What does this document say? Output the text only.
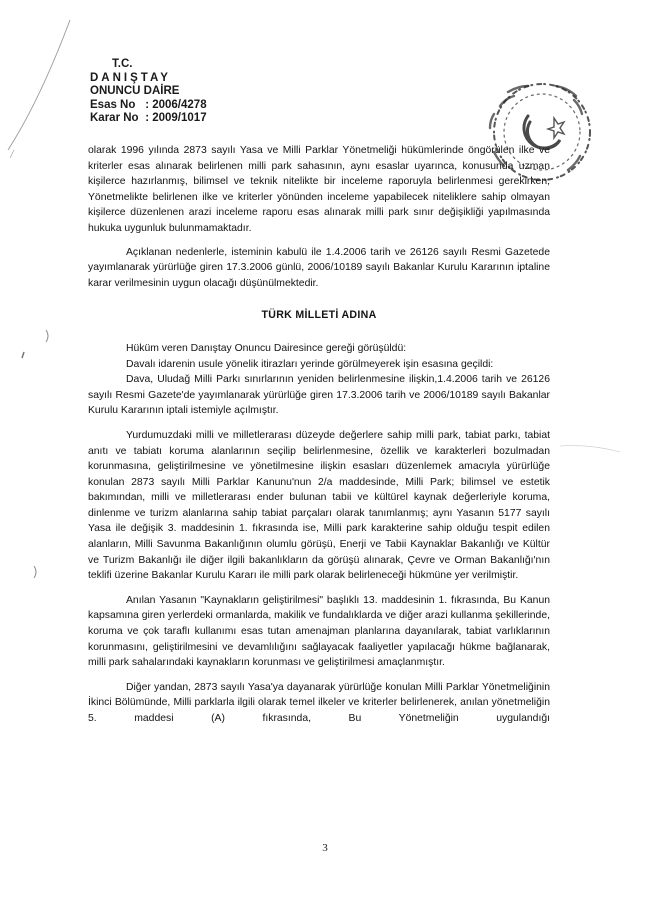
T.C.
DANIŞTAY
ONUNCU DAİRE
Esas No : 2006/4278
Karar No : 2009/1017

olarak 1996 yılında 2873 sayılı Yasa ve Milli Parklar Yönetmeliği hükümlerinde öngörülen ilke ve kriterler esas alınarak belirlenen milli park sahasının, aynı esaslar uyarınca, konusunda uzman kişilerce hazırlanmış, bilimsel ve teknik nitelikte bir inceleme raporuyla belirlenmesi gerekirken; Yönetmelikte belirlenen ilke ve kriterler yönünden inceleme yapabilecek niteliklere sahip olmayan kişilerce düzenlenen arazi inceleme raporu esas alınarak milli park sınır değişikliği yapılmasında hukuka uygunluk bulunmamaktadır.

Açıklanan nedenlerle, isteminin kabulü ile 1.4.2006 tarih ve 26126 sayılı Resmi Gazetede yayımlanarak yürürlüğe giren 17.3.2006 günlü, 2006/10189 sayılı Bakanlar Kurulu Kararının iptaline karar verilmesinin uygun olacağı düşünülmektedir.

TÜRK MİLLETİ ADINA

Hüküm veren Danıştay Onuncu Dairesince gereği görüşüldü:

Davalı idarenin usule yönelik itirazları yerinde görülmeyerek işin esasına geçildi:

Dava, Uludağ Milli Parkı sınırlarının yeniden belirlenmesine ilişkin,1.4.2006 tarih ve 26126 sayılı Resmi Gazete'de yayımlanarak yürürlüğe giren 17.3.2006 tarih ve 2006/10189 sayılı Bakanlar Kurulu Kararının iptali istemiyle açılmıştır.

Yurdumuzdaki milli ve milletlerarası düzeyde değerlere sahip milli park, tabiat parkı, tabiat anıtı ve tabiatı koruma alanlarının seçilip belirlenmesine, özellik ve karakterleri bozulmadan korunmasına, geliştirilmesine ve yönetilmesine ilişkin esasları düzenlemek amacıyla yürürlüğe konulan 2873 sayılı Milli Parklar Kanunu'nun 2/a maddesinde, Milli Park; bilimsel ve estetik bakımından, milli ve milletlerarası ender bulunan tabii ve kültürel kaynak değerleriyle koruma, dinlenme ve turizm alanlarına sahip tabiat parçaları olarak tanımlanmış; aynı Yasanın 5177 sayılı Yasa ile değişik 3. maddesinin 1. fıkrasında ise, Milli park karakterine sahip olduğu tespit edilen alanların, Milli Savunma Bakanlığının olumlu görüşü, Enerji ve Tabii Kaynaklar Bakanlığı ve Kültür ve Turizm Bakanlığı ile diğer ilgili bakanlıkların da görüşü alınarak, Çevre ve Orman Bakanlığı'nın teklifi üzerine Bakanlar Kurulu Kararı ile milli park olarak belirleneceği hükmüne yer verilmiştir.

Anılan Yasanın "Kaynakların geliştirilmesi" başlıklı 13. maddesinin 1. fıkrasında, Bu Kanun kapsamına giren yerlerdeki ormanlarda, makilik ve fundalıklarda ve diğer arazi kullanma şekillerinde, koruma ve çok taraflı kullanımı esas tutan amenajman planlarına dayanılarak, tabiat varlıklarının korunmasını, geliştirilmesini ve devamlılığını sağlayacak faaliyetler yapılacağı hükme bağlanarak, milli park sahalarındaki kaynakların korunması ve geliştirilmesi amaçlanmıştır.

Diğer yandan, 2873 sayılı Yasa'ya dayanarak yürürlüğe konulan Milli Parklar Yönetmeliğinin İkinci Bölümünde, Milli parklarla ilgili olarak temel ilkeler ve kriterler belirlenerek, anılan yönetmeliğin 5. maddesi (A) fıkrasında, Bu Yönetmeliğin uygulandığı

3
